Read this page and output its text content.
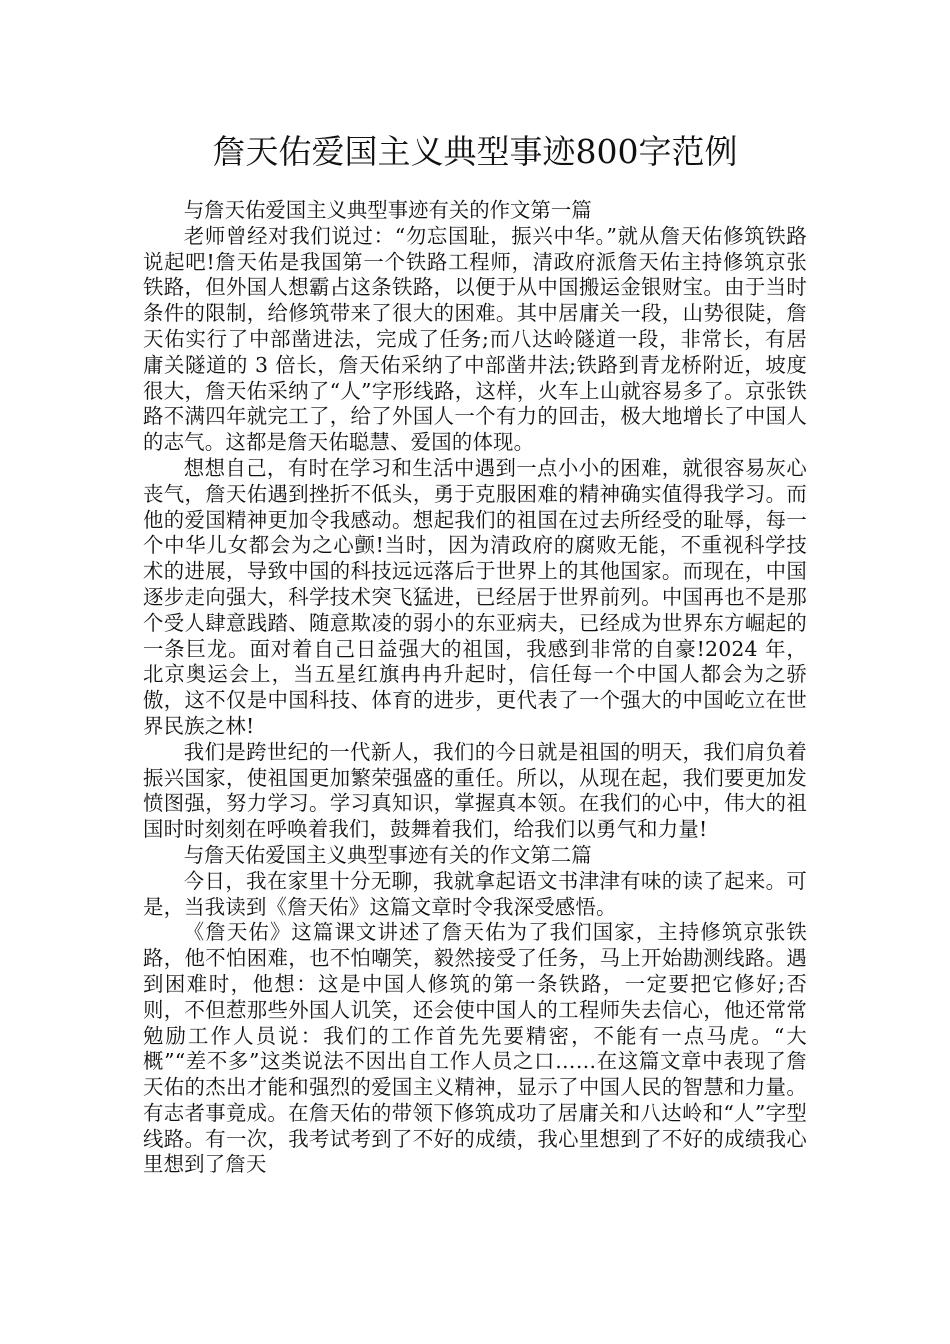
詹天佑爱国主义典型事迹800字范例

与詹天佑爱国主义典型事迹有关的作文第一篇

老师曾经对我们说过：“勿忘国耻，振兴中华。”就从詹天佑修筑铁路说起吧!詹天佑是我国第一个铁路工程师，清政府派詹天佑主持修筑京张铁路，但外国人想霸占这条铁路，以便于从中国搬运金银财宝。由于当时条件的限制，给修筑带来了很大的困难。其中居庸关一段，山势很陡，詹天佑实行了中部凿进法，完成了任务;而八达岭隧道一段，非常长，有居庸关隧道的 3 倍长，詹天佑采纳了中部凿井法;铁路到青龙桥附近，坡度很大，詹天佑采纳了“人”字形线路，这样，火车上山就容易多了。京张铁路不满四年就完工了，给了外国人一个有力的回击，极大地增长了中国人的志气。这都是詹天佑聪慧、爱国的体现。

想想自己，有时在学习和生活中遇到一点小小的困难，就很容易灰心丧气，詹天佑遇到挫折不低头，勇于克服困难的精神确实值得我学习。而他的爱国精神更加令我感动。想起我们的祖国在过去所经受的耻辱，每一个中华儿女都会为之心颤!当时，因为清政府的腐败无能，不重视科学技术的进展，导致中国的科技远远落后于世界上的其他国家。而现在，中国逐步走向强大，科学技术突飞猛进，已经居于世界前列。中国再也不是那个受人肆意践踏、随意欺凌的弱小的东亚病夫，已经成为世界东方崛起的一条巨龙。面对着自己日益强大的祖国，我感到非常的自豪!2024 年，北京奥运会上，当五星红旗冉冉升起时，信任每一个中国人都会为之骄傲，这不仅是中国科技、体育的进步，更代表了一个强大的中国屹立在世界民族之林!

我们是跨世纪的一代新人，我们的今日就是祖国的明天，我们肩负着振兴国家，使祖国更加繁荣强盛的重任。所以，从现在起，我们要更加发愤图强，努力学习。学习真知识，掌握真本领。在我们的心中，伟大的祖国时时刻刻在呼唤着我们，鼓舞着我们，给我们以勇气和力量!

与詹天佑爱国主义典型事迹有关的作文第二篇

今日，我在家里十分无聊，我就拿起语文书津津有味的读了起来。可是，当我读到《詹天佑》这篇文章时令我深受感悟。

《詹天佑》这篇课文讲述了詹天佑为了我们国家，主持修筑京张铁路，他不怕困难，也不怕嘲笑，毅然接受了任务，马上开始勘测线路。遇到困难时，他想：这是中国人修筑的第一条铁路，一定要把它修好;否则，不但惹那些外国人讥笑，还会使中国人的工程师失去信心，他还常常勉励工作人员说：我们的工作首先先要精密，不能有一点马虎。“大概”“差不多”这类说法不因出自工作人员之口……在这篇文章中表现了詹天佑的杰出才能和强烈的爱国主义精神，显示了中国人民的智慧和力量。有志者事竟成。在詹天佑的带领下修筑成功了居庸关和八达岭和“人”字型线路。有一次，我考试考到了不好的成绩，我心里想到了不好的成绩我心里想到了詹天
